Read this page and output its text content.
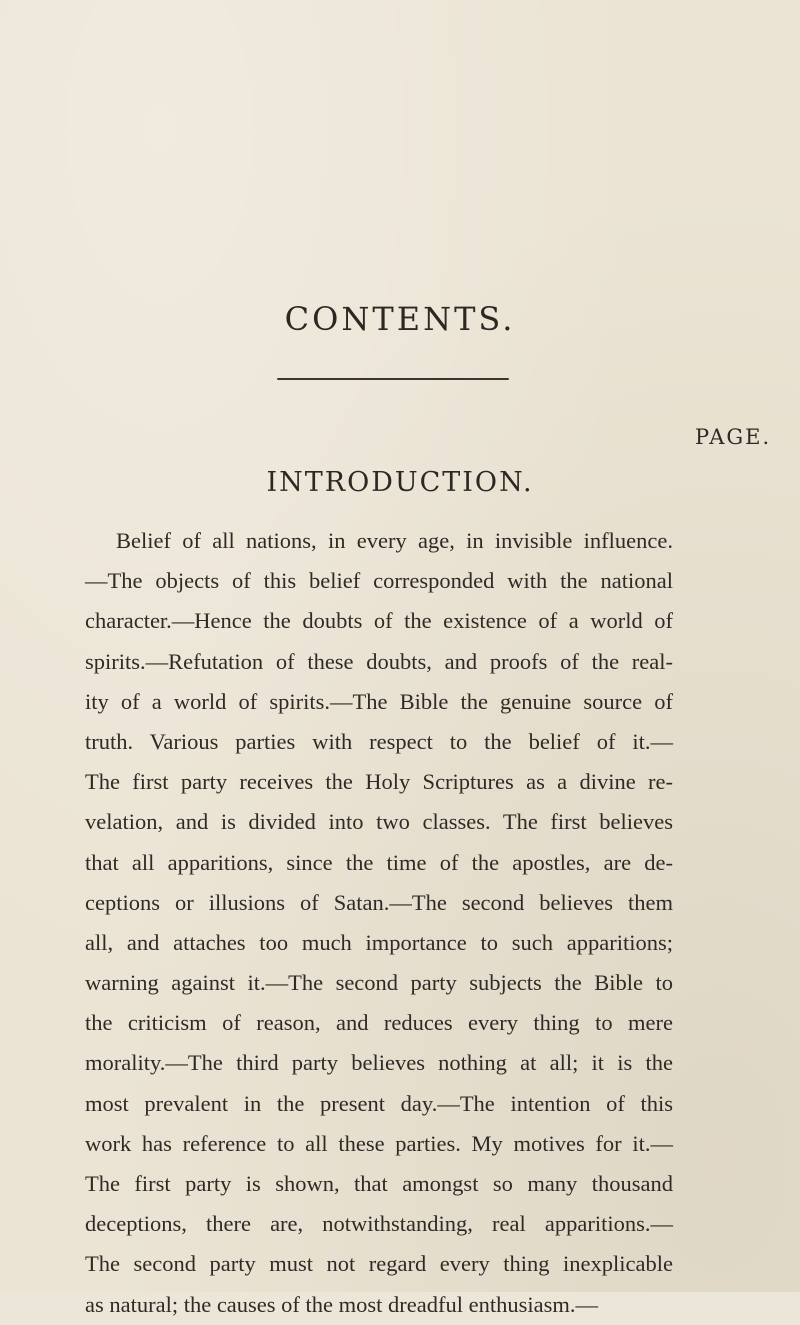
CONTENTS.
PAGE.
INTRODUCTION.
Belief of all nations, in every age, in invisible influence.
—The objects of this belief corresponded with the national
character.—Hence the doubts of the existence of a world of
spirits.—Refutation of these doubts, and proofs of the real-
ity of a world of spirits.—The Bible the genuine source of
truth. Various parties with respect to the belief of it.—
The first party receives the Holy Scriptures as a divine re-
velation, and is divided into two classes. The first believes
that all apparitions, since the time of the apostles, are de-
ceptions or illusions of Satan.—The second believes them
all, and attaches too much importance to such apparitions;
warning against it.—The second party subjects the Bible to
the criticism of reason, and reduces every thing to mere
morality.—The third party believes nothing at all; it is the
most prevalent in the present day.—The intention of this
work has reference to all these parties. My motives for it.—
The first party is shown, that amongst so many thousand
deceptions, there are, notwithstanding, real apparitions.—
The second party must not regard every thing inexplicable
as natural; the causes of the most dreadful enthusiasm.—
